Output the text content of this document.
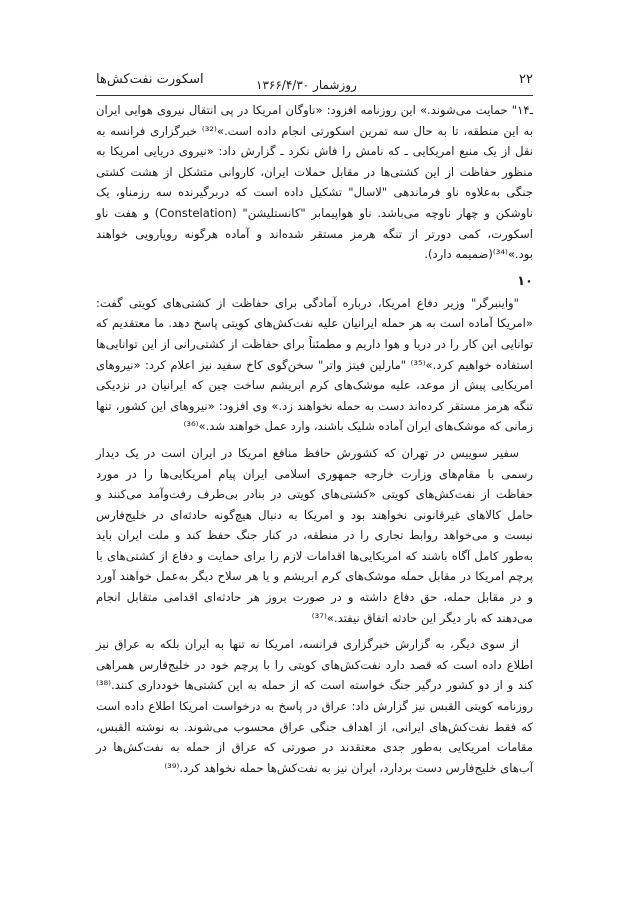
۲۲
روزشمار ۱۳۶۶/۴/۳۰
اسکورت نفت‌کش‌ها

ـ۱۴" حمایت می‌شوند.» این روزنامه افزود: «ناوگان امریکا در پی انتقال نیروی هوایی ایران به این منطقه، تا به حال سه تمرین اسکورتی انجام داده است.»⁽³²⁾ خبرگزاری فرانسه به نقل از یک منبع امریکایی ـ که نامش را فاش نکرد ـ گزارش داد: «نیروی دریایی امریکا به منظور حفاظت از این کشتی‌ها در مقابل حملات ایران، کاروانی متشکل از هشت کشتی جنگی به‌علاوه ناو فرماندهی "لاسال" تشکیل داده است که دربرگیرنده سه رزمناو، یک ناوشکن و چهار ناوچه می‌باشد. ناو هواپیمابر "کانستلیشن" (Constelation) و هفت ناو اسکورت، کمی دورتر از تنگه هرمز مستقر شده‌اند و آماده هرگونه رویارویی خواهند بود.»⁽³⁴⁾(ضمیمه دارد).

۱۰

"واینبرگر" وزیر دفاع امریکا، درباره آمادگی برای حفاظت از کشتی‌های کویتی گفت: «امریکا آماده است به هر حمله ایرانیان علیه نفت‌کش‌های کویتی پاسخ دهد. ما معتقدیم که توانایی این کار را در دریا و هوا داریم و مطمئناً برای حفاظت از کشتی‌رانی از این توانایی‌ها استفاده خواهیم کرد.»⁽³⁵⁾ "مارلین فیتز واتر" سخن‌گوی کاخ سفید نیز اعلام کرد: «نیروهای امریکایی پیش از موعد، علیه موشک‌های کرم ابریشم ساخت چین که ایرانیان در نزدیکی تنگه هرمز مستقر کرده‌اند دست به حمله نخواهند زد.» وی افزود: «نیروهای این کشور، تنها زمانی که موشک‌های ایران آماده شلیک باشند، وارد عمل خواهند شد.»⁽³⁶⁾

سفیر سوییس در تهران که کشورش حافظ منافع امریکا در ایران است در یک دیدار رسمی با مقام‌های وزارت خارجه جمهوری اسلامی ایران پیام امریکایی‌ها را در مورد حفاظت از نفت‌کش‌های کویتی «کشتی‌های کویتی در بنادر بی‌طرف رفت‌وآمد می‌کنند و حامل کالاهای غیرقانونی نخواهند بود و امریکا به دنبال هیچ‌گونه حادثه‌ای در خلیج‌فارس نیست و می‌خواهد روابط تجاری را در منطقه، در کنار جنگ حفظ کند و ملت ایران باید به‌طور کامل آگاه باشند که امریکایی‌ها اقدامات لازم را برای حمایت و دفاع از کشتی‌های با پرچم امریکا در مقابل حمله موشک‌های کرم ابریشم و یا هر سلاح دیگر به‌عمل خواهند آورد و در مقابل حمله، حق دفاع داشته و در صورت بروز هر حادثه‌ای اقدامی متقابل انجام می‌دهند که بار دیگر این حادثه اتفاق نیفتد.»⁽³⁷⁾

از سوی دیگر، به گزارش خبرگزاری فرانسه، امریکا نه تنها به ایران بلکه به عراق نیز اطلاع داده است که قصد دارد نفت‌کش‌های کویتی را با پرچم خود در خلیج‌فارس همراهی کند و از دو کشور درگیر جنگ خواسته است که از حمله به این کشتی‌ها خودداری کنند.⁽³⁸⁾ روزنامه کویتی القبس نیز گزارش داد: عراق در پاسخ به درخواست امریکا اطلاع داده است که فقط نفت‌کش‌های ایرانی، از اهداف جنگی عراق محسوب می‌شوند. به نوشته القبس، مقامات امریکایی به‌طور جدی معتقدند در صورتی که عراق از حمله به نفت‌کش‌ها در آب‌های خلیج‌فارس دست بردارد، ایران نیز به نفت‌کش‌ها حمله نخواهد کرد.⁽³⁹⁾
